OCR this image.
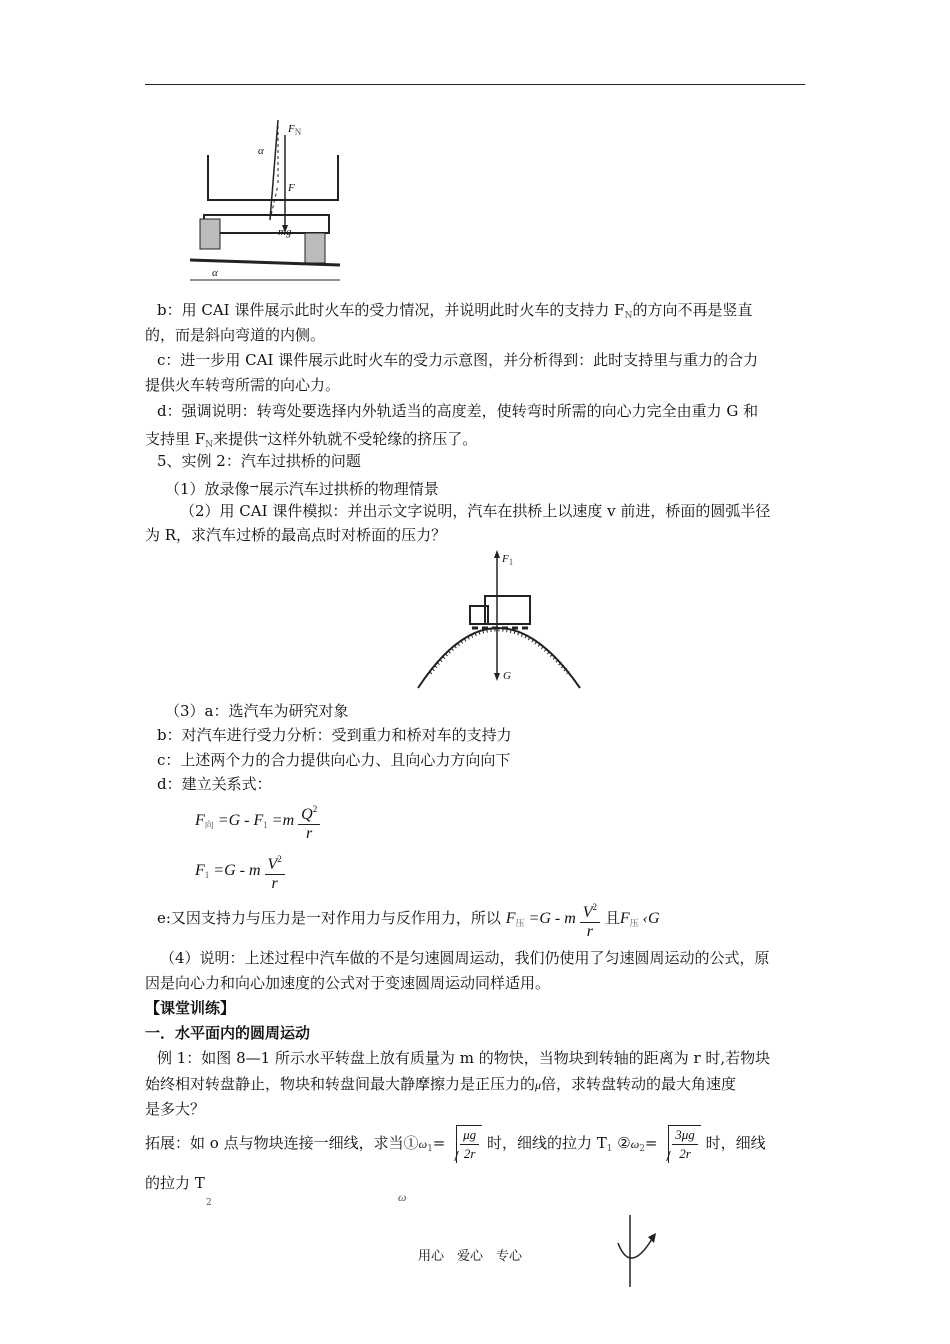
$F_N$
F
α
mg
α
b：用 CAI 课件展示此时火车的受力情况，并说明此时火车的支持力 $F_N$的方向不再是竖直
的，而是斜向弯道的内侧。
c：进一步用 CAI 课件展示此时火车的受力示意图，并分析得到：此时支持里与重力的合力
提供火车转弯所需的向心力。
d：强调说明：转弯处要选择内外轨适当的高度差，使转弯时所需的向心力完全由重力 G 和
支持里 $F_N$来提供→这样外轨就不受轮缘的挤压了。
5、实例 2：汽车过拱桥的问题
（1）放录像→展示汽车过拱桥的物理情景
（2）用 CAI 课件模拟：并出示文字说明，汽车在拱桥上以速度 v 前进，桥面的圆弧半径
为 R，求汽车过桥的最高点时对桥面的压力？
$F_1$
G
（3）a：选汽车为研究对象
b：对汽车进行受力分析：受到重力和桥对车的支持力
c：上述两个力的合力提供向心力、且向心力方向向下
d：建立关系式：
$F_向 =G - F_1 =m \frac{Q^2}{r}$
$F_1 =G - m \frac{V^2}{r}$
e:又因支持力与压力是一对作用力与反作用力，所以 $F_压 =G - m \frac{V^2}{r}$ 且$F_压$ ‹G
（4）说明：上述过程中汽车做的不是匀速圆周运动，我们仍使用了匀速圆周运动的公式，原
因是向心力和向心加速度的公式对于变速圆周运动同样适用。
【课堂训练】
一．水平面内的圆周运动
例 1：如图 8—1 所示水平转盘上放有质量为 m 的物快，当物块到转轴的距离为 r 时,若物块
始终相对转盘静止，物块和转盘间最大静摩擦力是正压力的μ倍，求转盘转动的最大角速度
是多大？
拓展：如 o 点与物块连接一细线，求当$①\omega_1= \frac{\mu g}{2r}$ 时，细线的拉力 $T_1$ $②\omega_2= \frac{3\mu g}{2r}$ 时，细线
的拉力 T
2	ω
用心　爱心　专心
